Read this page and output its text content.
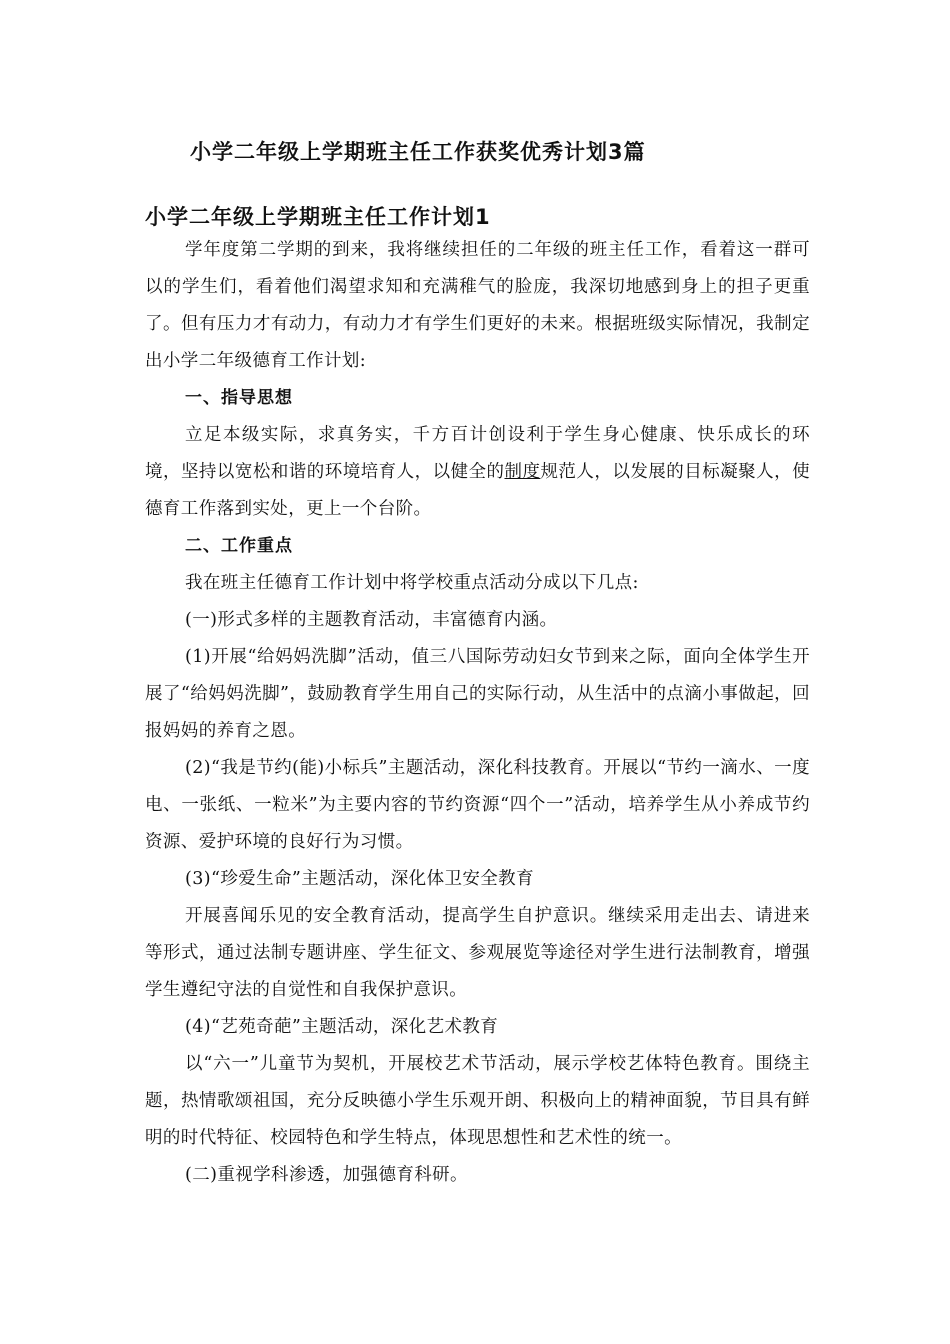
小学二年级上学期班主任工作获奖优秀计划3篇
小学二年级上学期班主任工作计划1

学年度第二学期的到来，我将继续担任的二年级的班主任工作，看着这一群可以的学生们，看着他们渴望求知和充满稚气的脸庞，我深切地感到身上的担子更重了。但有压力才有动力，有动力才有学生们更好的未来。根据班级实际情况，我制定出小学二年级德育工作计划:

一、指导思想

立足本级实际，求真务实，千方百计创设利于学生身心健康、快乐成长的环境，坚持以宽松和谐的环境培育人，以健全的制度规范人，以发展的目标凝聚人，使德育工作落到实处，更上一个台阶。

二、工作重点

我在班主任德育工作计划中将学校重点活动分成以下几点:

(一)形式多样的主题教育活动，丰富德育内涵。

(1)开展“给妈妈洗脚”活动，值三八国际劳动妇女节到来之际，面向全体学生开展了“给妈妈洗脚”，鼓励教育学生用自己的实际行动，从生活中的点滴小事做起，回报妈妈的养育之恩。

(2)“我是节约(能)小标兵”主题活动，深化科技教育。开展以“节约一滴水、一度电、一张纸、一粒米”为主要内容的节约资源“四个一”活动，培养学生从小养成节约资源、爱护环境的良好行为习惯。

(3)“珍爱生命”主题活动，深化体卫安全教育

开展喜闻乐见的安全教育活动，提高学生自护意识。继续采用走出去、请进来等形式，通过法制专题讲座、学生征文、参观展览等途径对学生进行法制教育，增强学生遵纪守法的自觉性和自我保护意识。

(4)“艺苑奇葩”主题活动，深化艺术教育

以“六一”儿童节为契机，开展校艺术节活动，展示学校艺体特色教育。围绕主题，热情歌颂祖国，充分反映德小学生乐观开朗、积极向上的精神面貌，节目具有鲜明的时代特征、校园特色和学生特点，体现思想性和艺术性的统一。

(二)重视学科渗透，加强德育科研。
